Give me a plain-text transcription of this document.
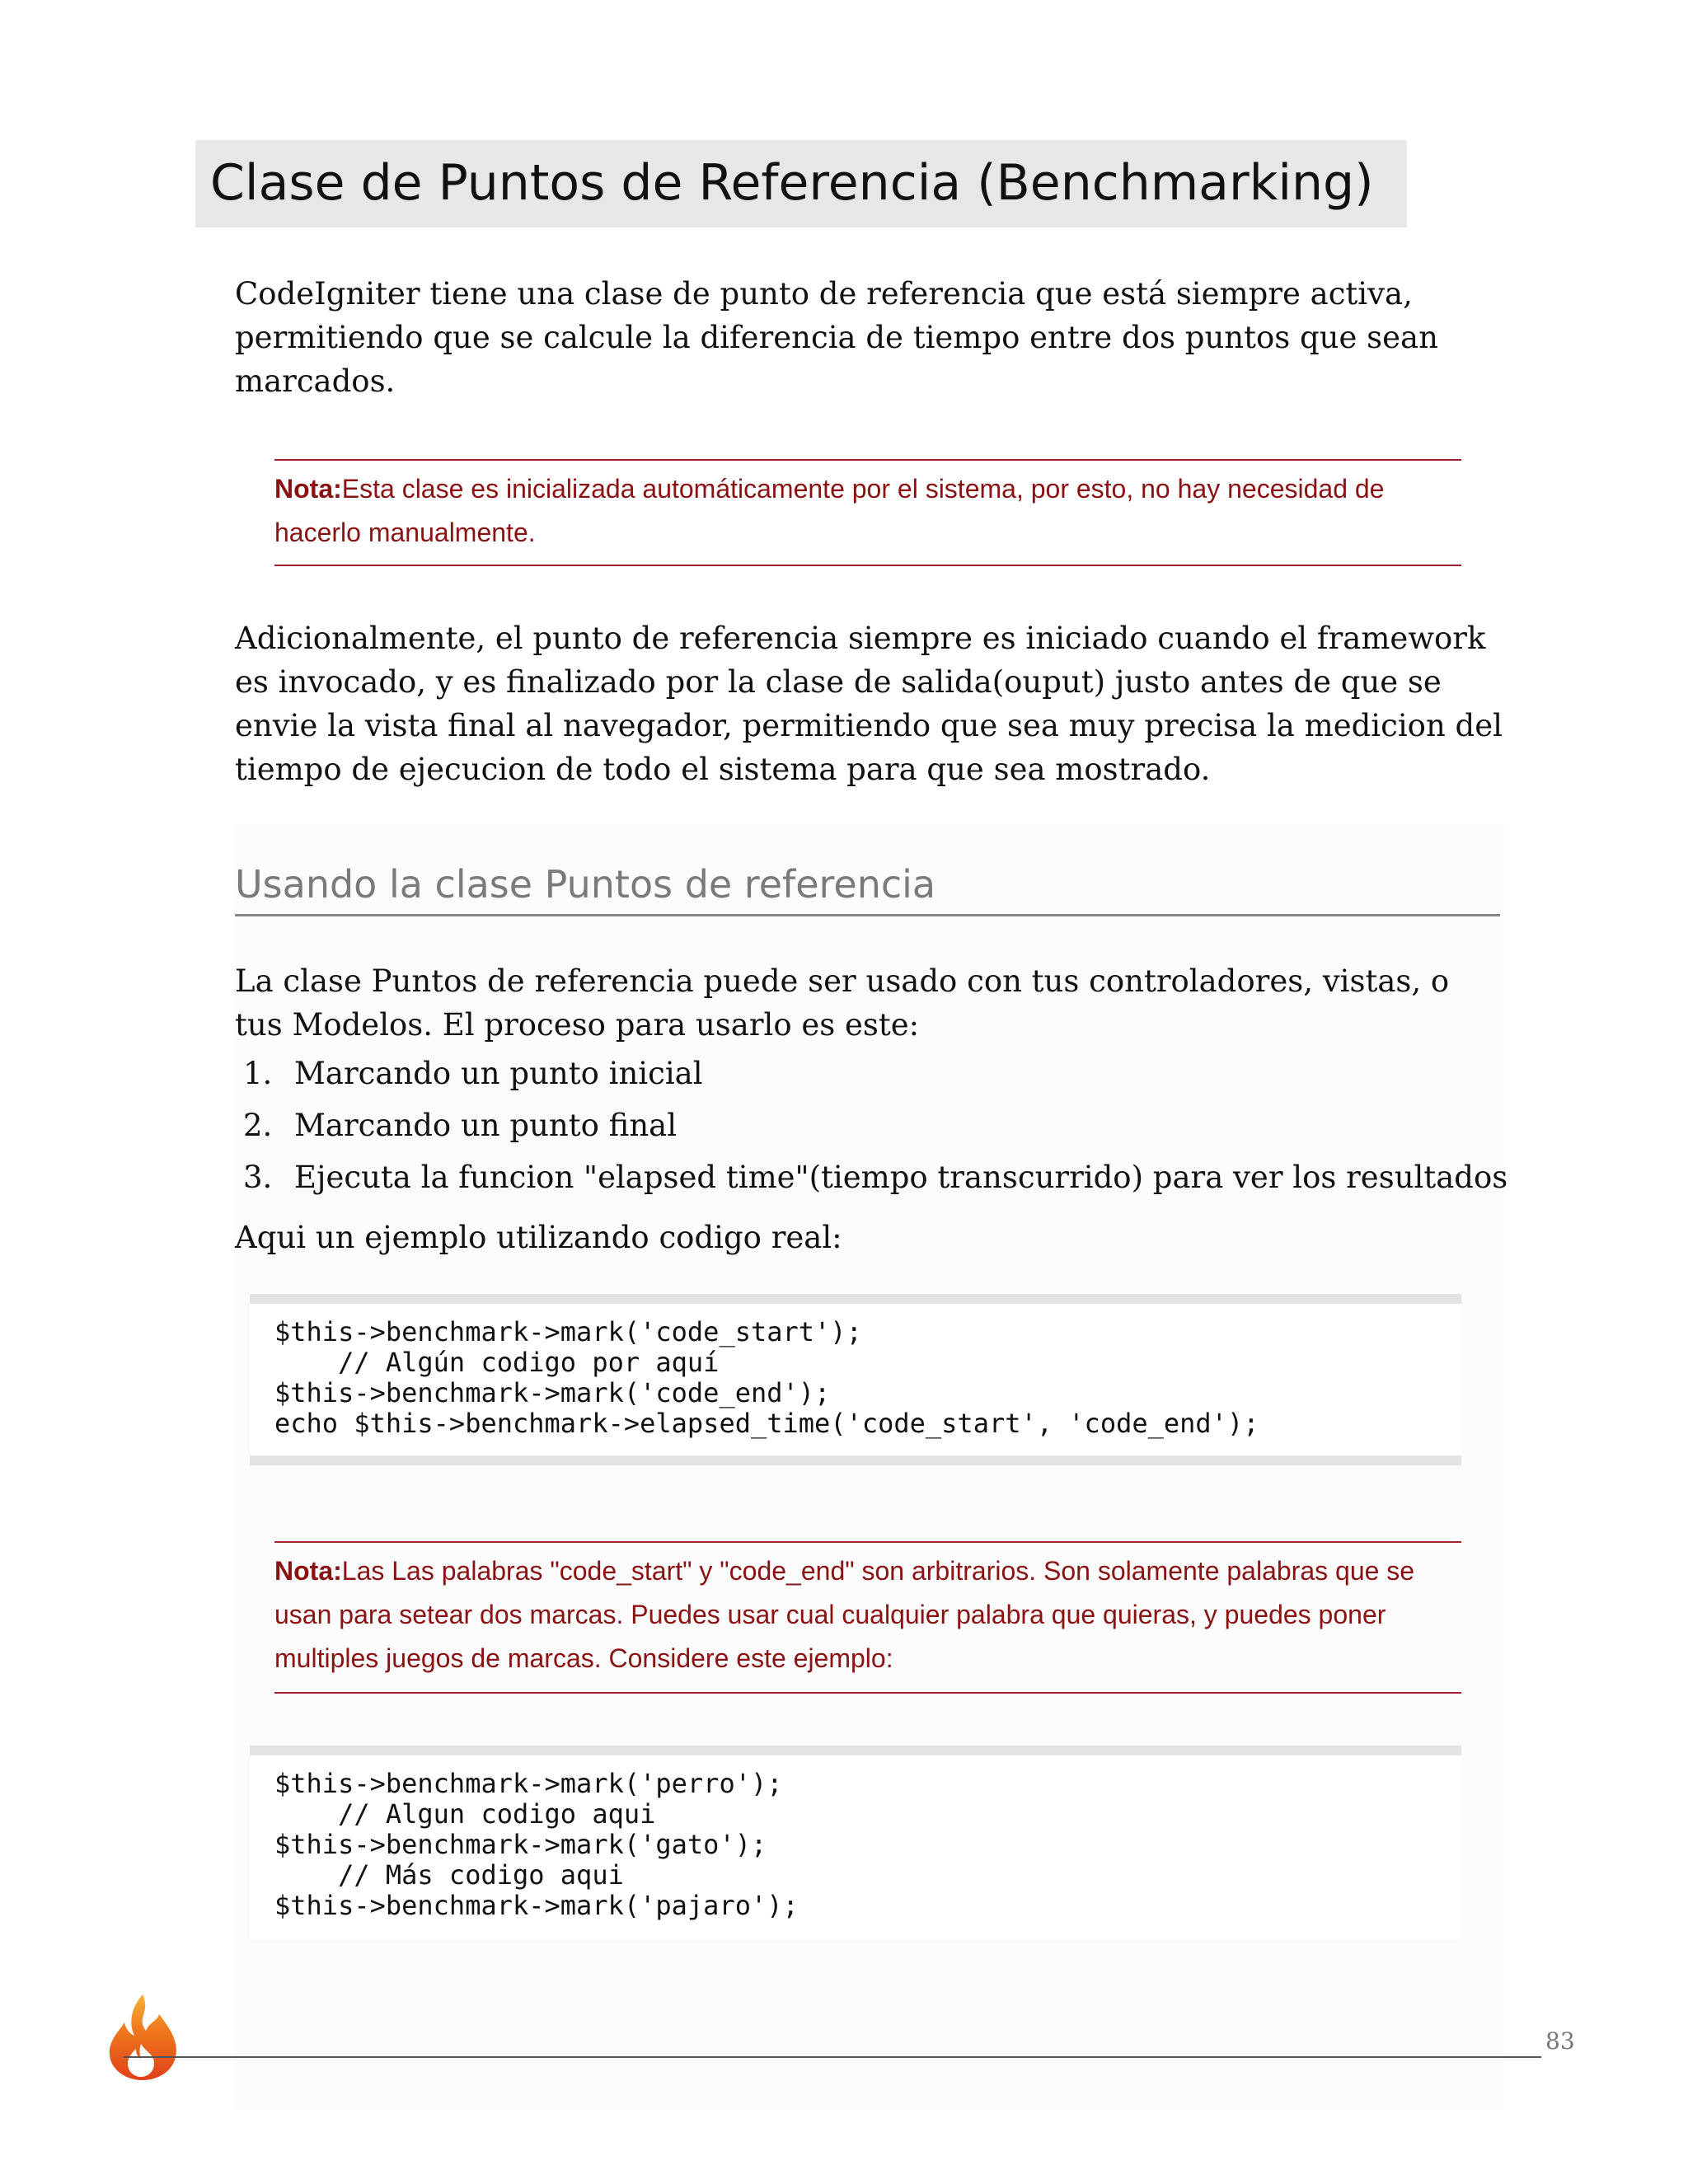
Clase de Puntos de Referencia (Benchmarking)

CodeIgniter tiene una clase de punto de referencia que está siempre activa, permitiendo que se calcule la diferencia de tiempo entre dos puntos que sean marcados.

Nota:Esta clase es inicializada automáticamente por el sistema, por esto, no hay necesidad de hacerlo manualmente.

Adicionalmente, el punto de referencia siempre es iniciado cuando el framework es invocado, y es finalizado por la clase de salida(ouput) justo antes de que se envie la vista final al navegador, permitiendo que sea muy precisa la medicion del tiempo de ejecucion de todo el sistema para que sea mostrado.

Usando la clase Puntos de referencia

La clase Puntos de referencia puede ser usado con tus controladores, vistas, o tus Modelos. El proceso para usarlo es este:

1. Marcando un punto inicial
2. Marcando un punto final
3. Ejecuta la funcion "elapsed time"(tiempo transcurrido) para ver los resultados

Aqui un ejemplo utilizando codigo real:

$this->benchmark->mark('code_start');
// Algún codigo por aquí
$this->benchmark->mark('code_end');
echo $this->benchmark->elapsed_time('code_start', 'code_end');
Nota:Las Las palabras "code_start" y "code_end" son arbitrarios. Son solamente palabras que se usan para setear dos marcas. Puedes usar cual cualquier palabra que quieras, y puedes poner multiples juegos de marcas. Considere este ejemplo:
$this->benchmark->mark('perro');
// Algun codigo aqui
$this->benchmark->mark('gato');
// Más codigo aqui
$this->benchmark->mark('pajaro');
83
